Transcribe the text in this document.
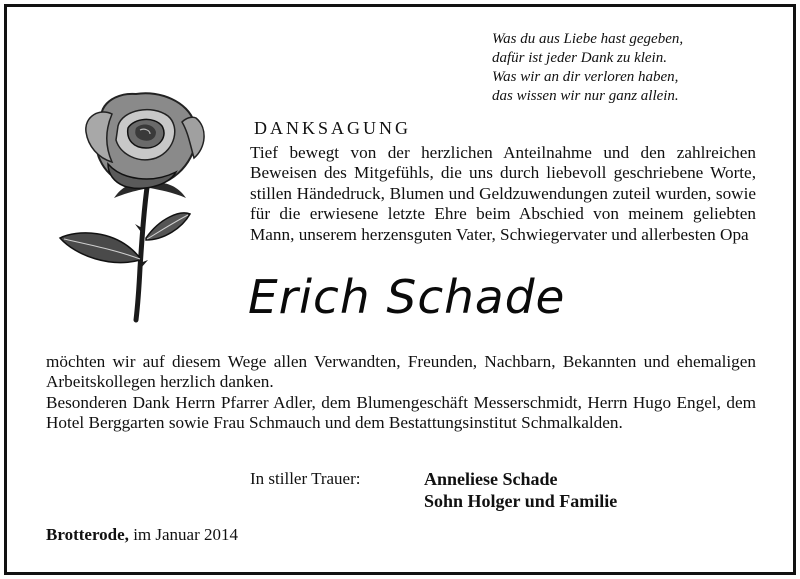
Was du aus Liebe hast gegeben,
dafür ist jeder Dank zu klein.
Was wir an dir verloren haben,
das wissen wir nur ganz allein.
DANKSAGUNG
Tief bewegt von der herzlichen Anteilnahme und den zahlreichen Beweisen des Mitgefühls, die uns durch liebevoll geschriebene Worte, stillen Händedruck, Blumen und Geldzuwendungen zuteil wurden, sowie für die erwiesene letzte Ehre beim Abschied von meinem geliebten Mann, unserem herzensguten Vater, Schwiegervater und allerbesten Opa
Erich Schade

möchten wir auf diesem Wege allen Verwandten, Freunden, Nachbarn, Bekannten und ehemaligen Arbeitskollegen herzlich danken.

Besonderen Dank Herrn Pfarrer Adler, dem Blumengeschäft Messerschmidt, Herrn Hugo Engel, dem Hotel Berggarten sowie Frau Schmauch und dem Bestattungsinstitut Schmalkalden.

In stiller Trauer:	Anneliese Schade
Sohn Holger und Familie
Brotterode, im Januar 2014
